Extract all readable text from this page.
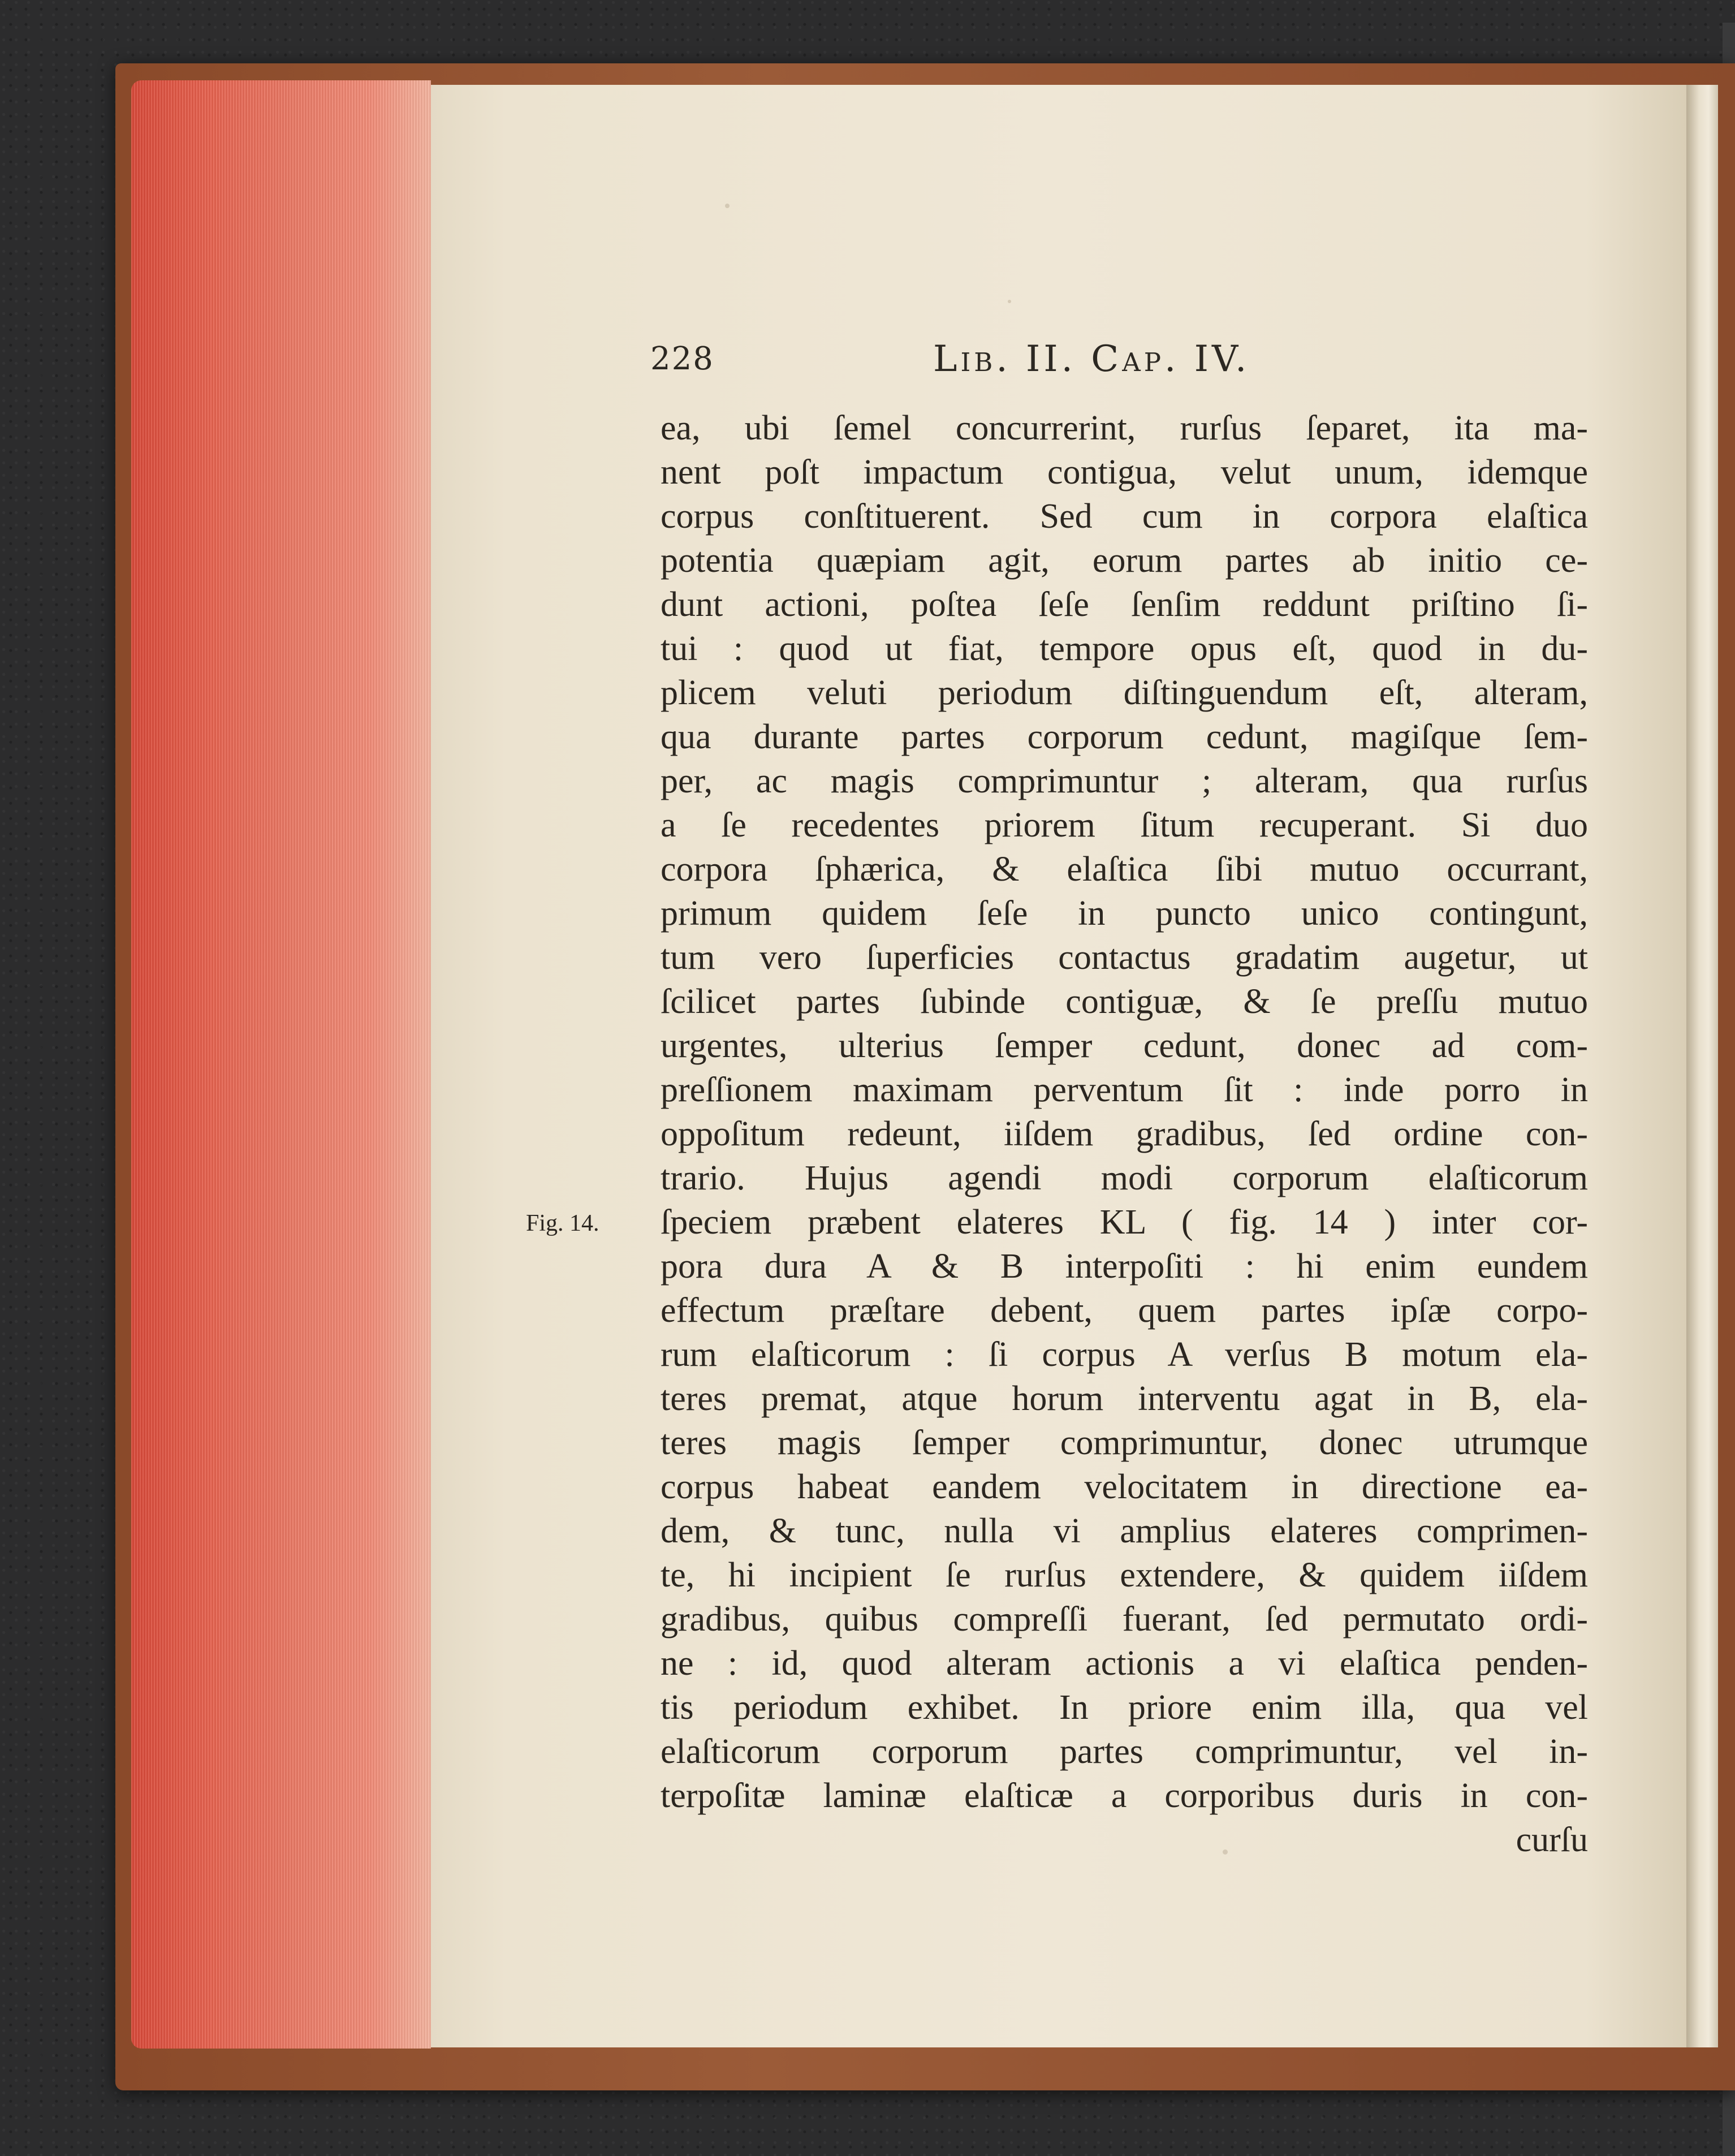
228	Lib. II. Cap. IV.
Fig. 14.
ea, ubi ſemel concurrerint, rurſus ſeparet, ita ma-
nent poſt impactum contigua, velut unum, idemque
corpus conſtituerent. Sed cum in corpora elaſtica
potentia quæpiam agit, eorum partes ab initio ce-
dunt actioni, poſtea ſeſe ſenſim reddunt priſtino ſi-
tui : quod ut fiat, tempore opus eſt, quod in du-
plicem veluti periodum diſtinguendum eſt, alteram,
qua durante partes corporum cedunt, magiſque ſem-
per, ac magis comprimuntur ; alteram, qua rurſus
a ſe recedentes priorem ſitum recuperant. Si duo
corpora ſphærica, & elaſtica ſibi mutuo occurrant,
primum quidem ſeſe in puncto unico contingunt,
tum vero ſuperficies contactus gradatim augetur, ut
ſcilicet partes ſubinde contiguæ, & ſe preſſu mutuo
urgentes, ulterius ſemper cedunt, donec ad com-
preſſionem maximam perventum ſit : inde porro in
oppoſitum redeunt, iiſdem gradibus, ſed ordine con-
trario. Hujus agendi modi corporum elaſticorum
ſpeciem præbent elateres KL ( fig. 14 ) inter cor-
pora dura A & B interpoſiti : hi enim eundem
effectum præſtare debent, quem partes ipſæ corpo-
rum elaſticorum : ſi corpus A verſus B motum ela-
teres premat, atque horum interventu agat in B, ela-
teres magis ſemper comprimuntur, donec utrumque
corpus habeat eandem velocitatem in directione ea-
dem, & tunc, nulla vi amplius elateres comprimen-
te, hi incipient ſe rurſus extendere, & quidem iiſdem
gradibus, quibus compreſſi fuerant, ſed permutato ordi-
ne : id, quod alteram actionis a vi elaſtica penden-
tis periodum exhibet. In priore enim illa, qua vel
elaſticorum corporum partes comprimuntur, vel in-
terpoſitæ laminæ elaſticæ a corporibus duris in con-
curſu
